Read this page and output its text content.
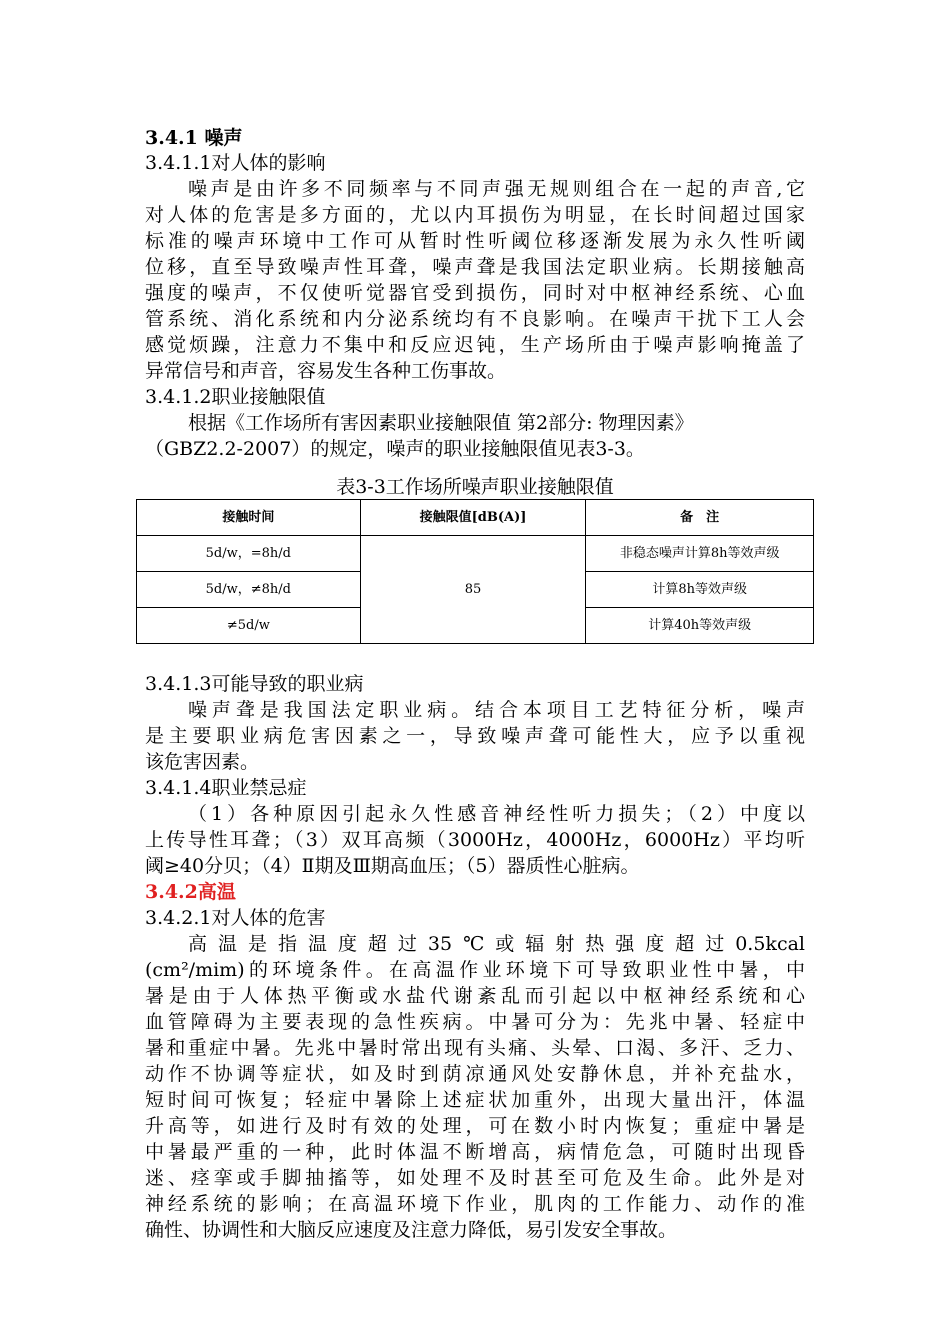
3.4.1 噪声
3.4.1.1对人体的影响
噪声是由许多不同频率与不同声强无规则组合在一起的声音,它
对人体的危害是多方面的，尤以内耳损伤为明显，在长时间超过国家
标准的噪声环境中工作可从暂时性听阈位移逐渐发展为永久性听阈
位移，直至导致噪声性耳聋，噪声聋是我国法定职业病。长期接触高
强度的噪声，不仅使听觉器官受到损伤，同时对中枢神经系统、心血
管系统、消化系统和内分泌系统均有不良影响。在噪声干扰下工人会
感觉烦躁，注意力不集中和反应迟钝，生产场所由于噪声影响掩盖了
异常信号和声音，容易发生各种工伤事故。
3.4.1.2职业接触限值
根据《工作场所有害因素职业接触限值 第2部分: 物理因素》
（GBZ2.2-2007）的规定，噪声的职业接触限值见表3-3。
表3-3工作场所噪声职业接触限值
接触时间	接触限值[dB(A)]	备　注
5d/w，=8h/d	85	非稳态噪声计算8h等效声级
5d/w，≠8h/d		计算8h等效声级
≠5d/w		计算40h等效声级
3.4.1.3可能导致的职业病
噪声聋是我国法定职业病。结合本项目工艺特征分析，噪声
是主要职业病危害因素之一，导致噪声聋可能性大，应予以重视
该危害因素。
3.4.1.4职业禁忌症
（1）各种原因引起永久性感音神经性听力损失；（2）中度以
上传导性耳聋；（3）双耳高频（3000Hz，4000Hz，6000Hz）平均听
阈≥40分贝；（4）Ⅱ期及Ⅲ期高血压；（5）器质性心脏病。
3.4.2高温
3.4.2.1对人体的危害
高温是指温度超过35℃或辐射热强度超过0.5kcal
(cm²/mim)的环境条件。在高温作业环境下可导致职业性中暑，中
暑是由于人体热平衡或水盐代谢紊乱而引起以中枢神经系统和心
血管障碍为主要表现的急性疾病。中暑可分为：先兆中暑、轻症中
暑和重症中暑。先兆中暑时常出现有头痛、头晕、口渴、多汗、乏力、
动作不协调等症状，如及时到荫凉通风处安静休息，并补充盐水，
短时间可恢复；轻症中暑除上述症状加重外，出现大量出汗，体温
升高等，如进行及时有效的处理，可在数小时内恢复；重症中暑是
中暑最严重的一种，此时体温不断增高，病情危急，可随时出现昏
迷、痉挛或手脚抽搐等，如处理不及时甚至可危及生命。此外是对
神经系统的影响；在高温环境下作业，肌肉的工作能力、动作的准
确性、协调性和大脑反应速度及注意力降低，易引发安全事故。
